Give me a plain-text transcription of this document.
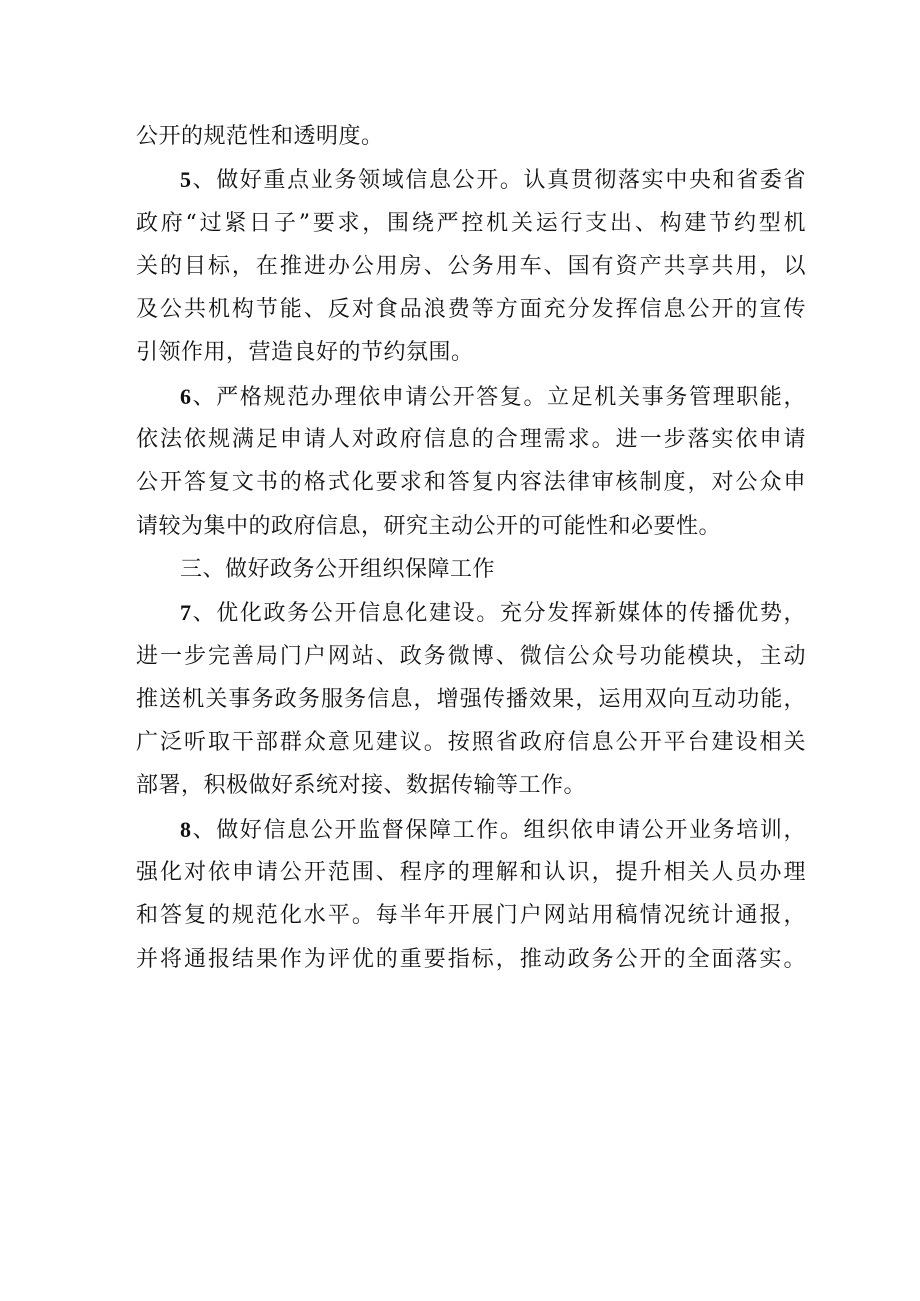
公开的规范性和透明度。
5、做好重点业务领域信息公开。认真贯彻落实中央和省委省
政府“过紧日子”要求，围绕严控机关运行支出、构建节约型机
关的目标，在推进办公用房、公务用车、国有资产共享共用，以
及公共机构节能、反对食品浪费等方面充分发挥信息公开的宣传
引领作用，营造良好的节约氛围。
6、严格规范办理依申请公开答复。立足机关事务管理职能，
依法依规满足申请人对政府信息的合理需求。进一步落实依申请
公开答复文书的格式化要求和答复内容法律审核制度，对公众申
请较为集中的政府信息，研究主动公开的可能性和必要性。
三、做好政务公开组织保障工作
7、优化政务公开信息化建设。充分发挥新媒体的传播优势，
进一步完善局门户网站、政务微博、微信公众号功能模块，主动
推送机关事务政务服务信息，增强传播效果，运用双向互动功能，
广泛听取干部群众意见建议。按照省政府信息公开平台建设相关
部署，积极做好系统对接、数据传输等工作。
8、做好信息公开监督保障工作。组织依申请公开业务培训，
强化对依申请公开范围、程序的理解和认识，提升相关人员办理
和答复的规范化水平。每半年开展门户网站用稿情况统计通报，
并将通报结果作为评优的重要指标，推动政务公开的全面落实。
